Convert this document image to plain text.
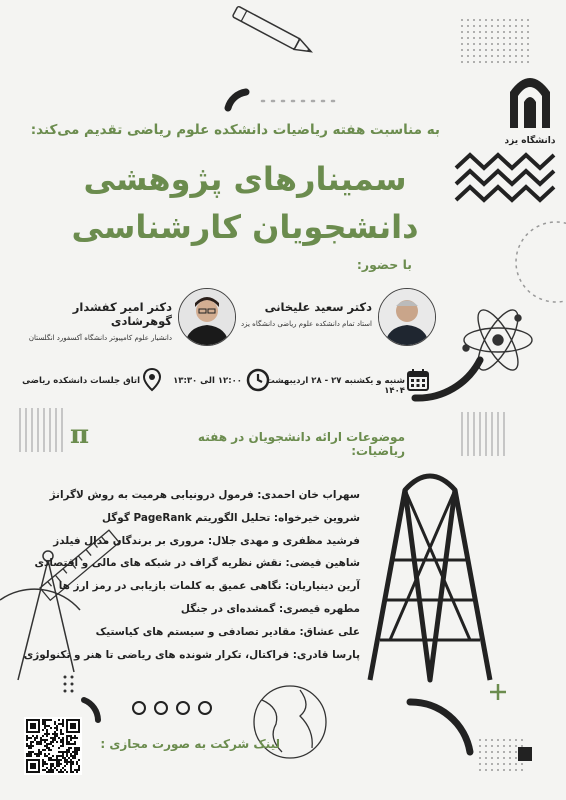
دانشگاه یزد
به مناسبت هفته ریاضیات دانشکده علوم ریاضی تقدیم می‌کند:
سمینارهای پژوهشی
دانشجویان کارشناسی
با حضور:
دکتر سعید علیخانی
استاد تمام دانشکده علوم ریاضی دانشگاه یزد
دکتر امیر کفشدار گوهرشادی
دانشیار علوم کامپیوتر دانشگاه آکسفورد انگلستان
شنبه و یکشنبه ۲۷ - ۲۸ اردیبهشت ۱۴۰۴
۱۲:۰۰ الی ۱۳:۳۰
اتاق جلسات دانشکده ریاضی
π	موضوعات ارائه دانشجویان در هفته ریاضیات:
سهراب خان احمدی: فرمول درونیابی هرمیت به روش لاگرانژ
شروین خیرخواه: تحلیل الگوریتم PageRank گوگل
فرشید مظفری و مهدی جلال: مروری بر برندگان مدال فیلدز
شاهین فیضی: نقش نظریه گراف در شبکه های مالی و اقتصادی
آرین دینیاریان: نگاهی عمیق به کلمات بازیابی در رمز ارز ها
مطهره قیصری: گمشده‌ای در جنگل
علی عشاق: مقادیر تصادفی و سیستم های کیاستیک
پارسا قادری: فراکتال، تکرار شونده های ریاضی تا هنر و تکنولوژی
لینک شرکت به صورت مجازی :
